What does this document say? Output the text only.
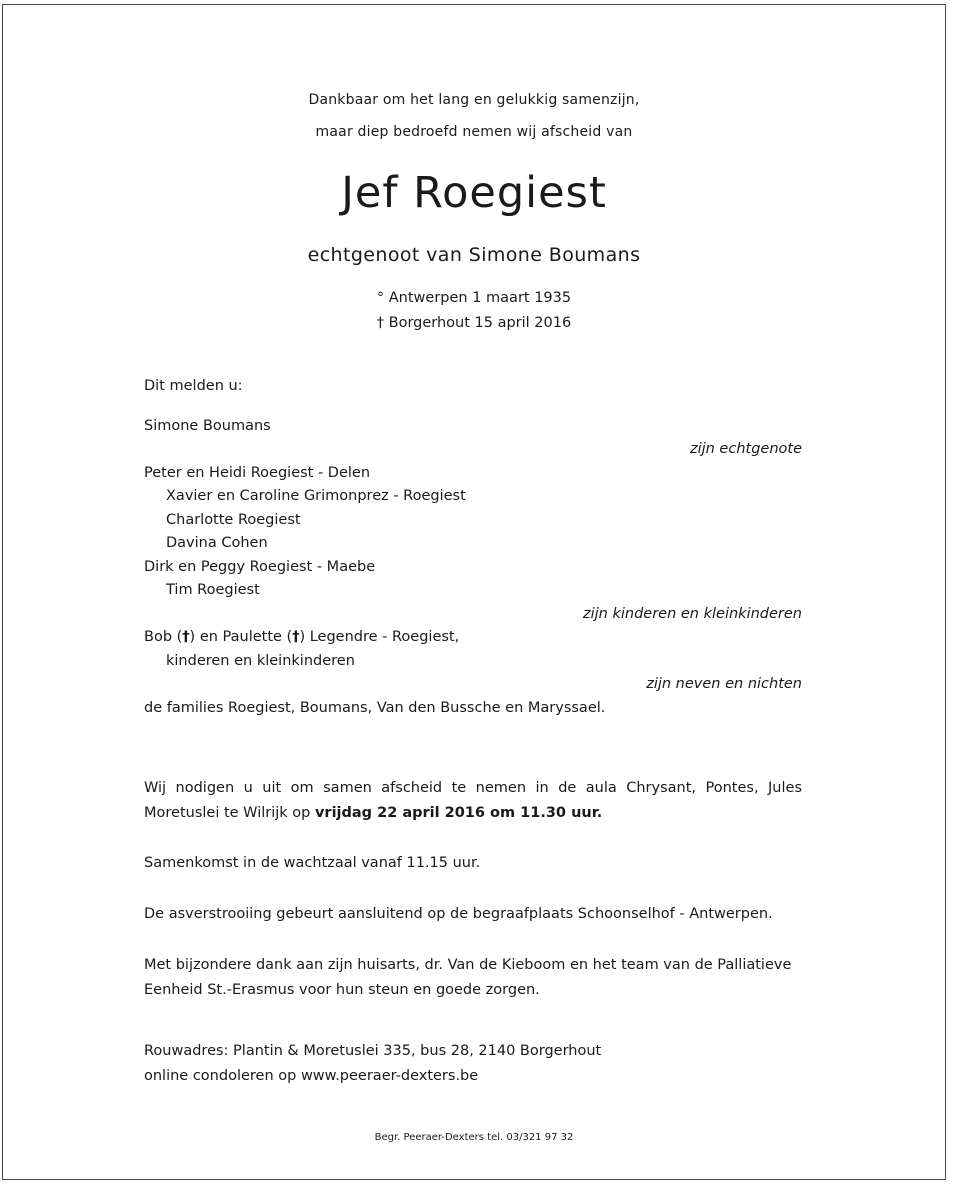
Dankbaar om het lang en gelukkig samenzijn,
maar diep bedroefd nemen wij afscheid van
Jef Roegiest
echtgenoot van Simone Boumans
° Antwerpen 1 maart 1935
† Borgerhout 15 april 2016
Dit melden u:
Simone Boumans
zijn echtgenote
Peter en Heidi Roegiest - Delen
Xavier en Caroline Grimonprez - Roegiest
Charlotte Roegiest
Davina Cohen
Dirk en Peggy Roegiest - Maebe
Tim Roegiest
zijn kinderen en kleinkinderen
Bob (†) en Paulette (†) Legendre - Roegiest,
kinderen en kleinkinderen
zijn neven en nichten
de families Roegiest, Boumans, Van den Bussche en Maryssael.
Wij nodigen u uit om samen afscheid te nemen in de aula Chrysant, Pontes, Jules Moretuslei te Wilrijk op vrijdag 22 april 2016 om 11.30 uur.
Samenkomst in de wachtzaal vanaf 11.15 uur.
De asverstrooiing gebeurt aansluitend op de begraafplaats Schoonselhof - Antwerpen.
Met bijzondere dank aan zijn huisarts, dr. Van de Kieboom en het team van de Palliatieve Eenheid St.-Erasmus voor hun steun en goede zorgen.
Rouwadres: Plantin & Moretuslei 335, bus 28, 2140 Borgerhout
online condoleren op www.peeraer-dexters.be
Begr. Peeraer-Dexters tel. 03/321 97 32
